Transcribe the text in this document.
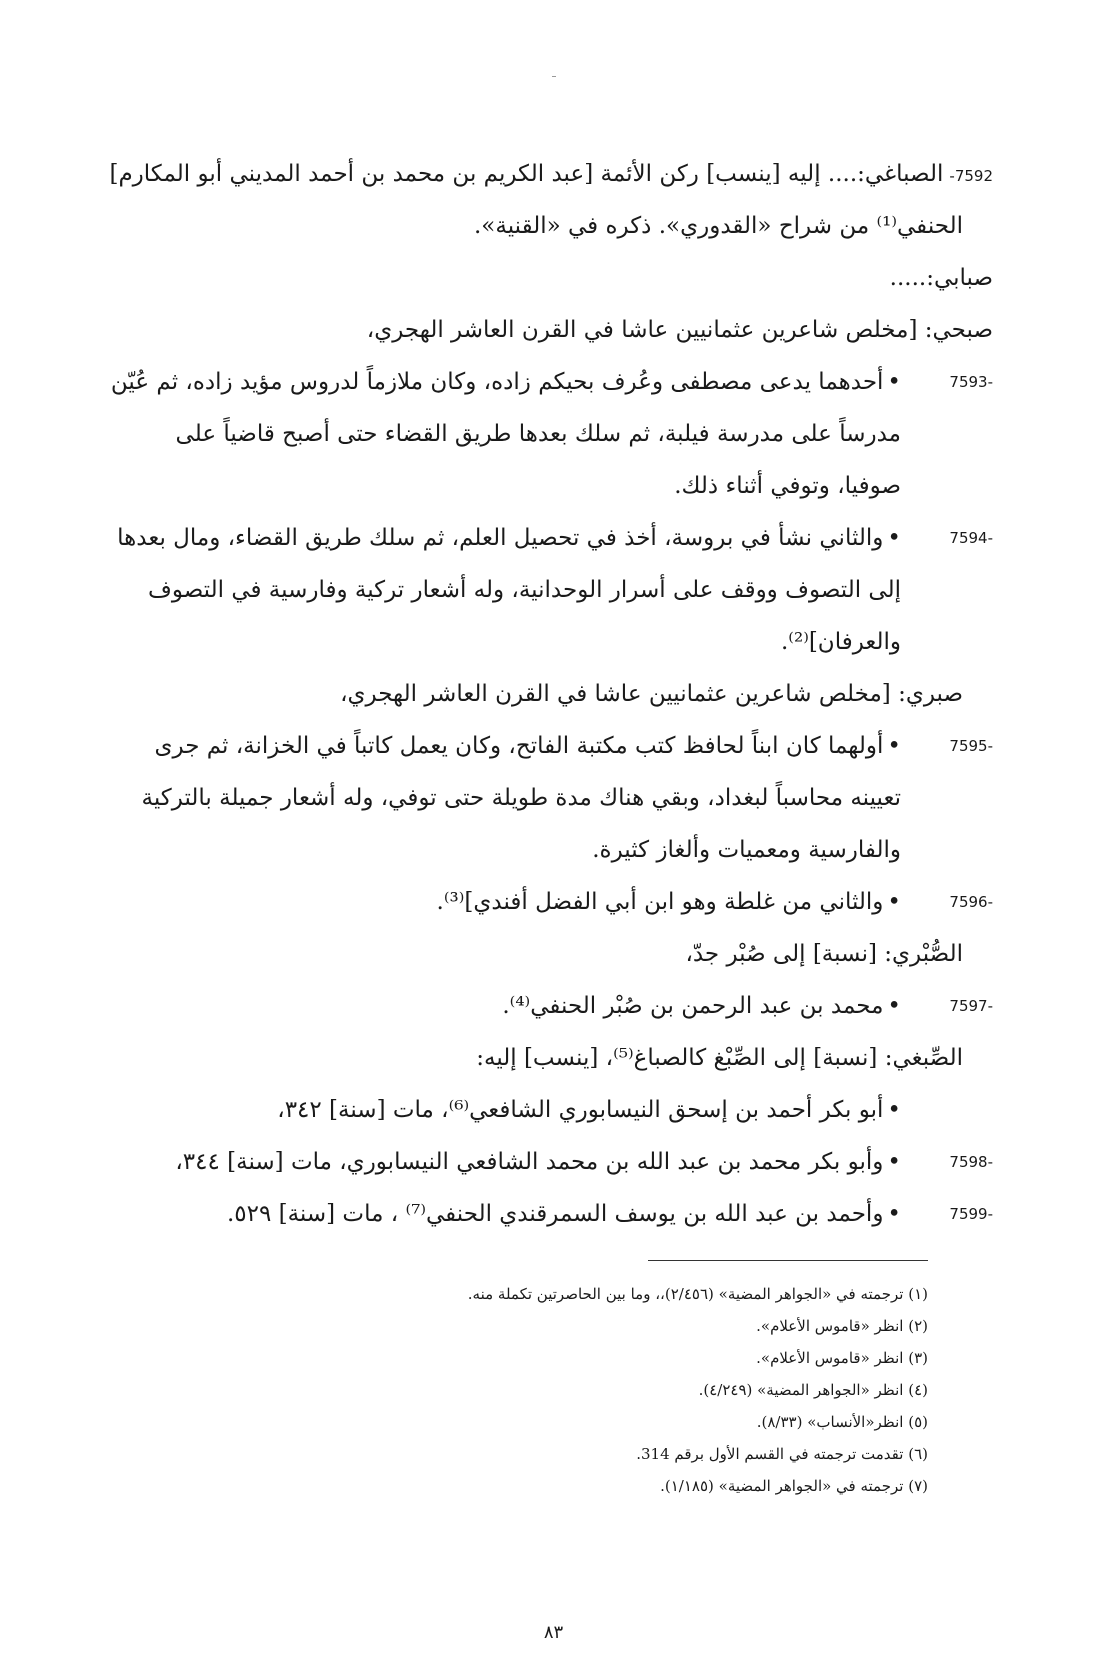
7592-الصباغي:.... إليه [ينسب] ركن الأئمة [عبد الكريم بن محمد بن أحمد المديني أبو المكارم]
الحنفي⁽¹⁾ من شراح «القدوري». ذكره في «القنية».
صبابي:.....
صبحي: [مخلص شاعرين عثمانيين عاشا في القرن العاشر الهجري،
7593-
• أحدهما يدعى مصطفى وعُرف بحيكم زاده، وكان ملازماً لدروس مؤيد زاده، ثم عُيّن
مدرساً على مدرسة فيلبة، ثم سلك بعدها طريق القضاء حتى أصبح قاضياً على
صوفيا، وتوفي أثناء ذلك.
7594-
• والثاني نشأ في بروسة، أخذ في تحصيل العلم، ثم سلك طريق القضاء، ومال بعدها
إلى التصوف ووقف على أسرار الوحدانية، وله أشعار تركية وفارسية في التصوف
والعرفان]⁽²⁾.
صبري: [مخلص شاعرين عثمانيين عاشا في القرن العاشر الهجري،
7595-
• أولهما كان ابناً لحافظ كتب مكتبة الفاتح، وكان يعمل كاتباً في الخزانة، ثم جرى
تعيينه محاسباً لبغداد، وبقي هناك مدة طويلة حتى توفي، وله أشعار جميلة بالتركية
والفارسية ومعميات وألغاز كثيرة.
7596-
• والثاني من غلطة وهو ابن أبي الفضل أفندي]⁽³⁾.
الصُّبْري: [نسبة] إلى صُبْر جدّ،
7597-
• محمد بن عبد الرحمن بن صُبْر الحنفي⁽⁴⁾.
الصِّبغي: [نسبة] إلى الصِّبْغ كالصباغ⁽⁵⁾، [ينسب] إليه:
• أبو بكر أحمد بن إسحق النيسابوري الشافعي⁽⁶⁾، مات [سنة] ٣٤٢،
7598-
• وأبو بكر محمد بن عبد الله بن محمد الشافعي النيسابوري، مات [سنة] ٣٤٤،
7599-
• وأحمد بن عبد الله بن يوسف السمرقندي الحنفي⁽⁷⁾ ، مات [سنة] ٥٢٩.
(١) ترجمته في «الجواهر المضية» (٢/٤٥٦)،، وما بين الحاصرتين تكملة منه.
(٢) انظر «قاموس الأعلام».
(٣) انظر «قاموس الأعلام».
(٤) انظر «الجواهر المضية» (٤/٢٤٩).
(٥) انظر«الأنساب» (٨/٣٣).
(٦) تقدمت ترجمته في القسم الأول برقم 314.
(٧) ترجمته في «الجواهر المضية» (١/١٨٥).
٨٣
